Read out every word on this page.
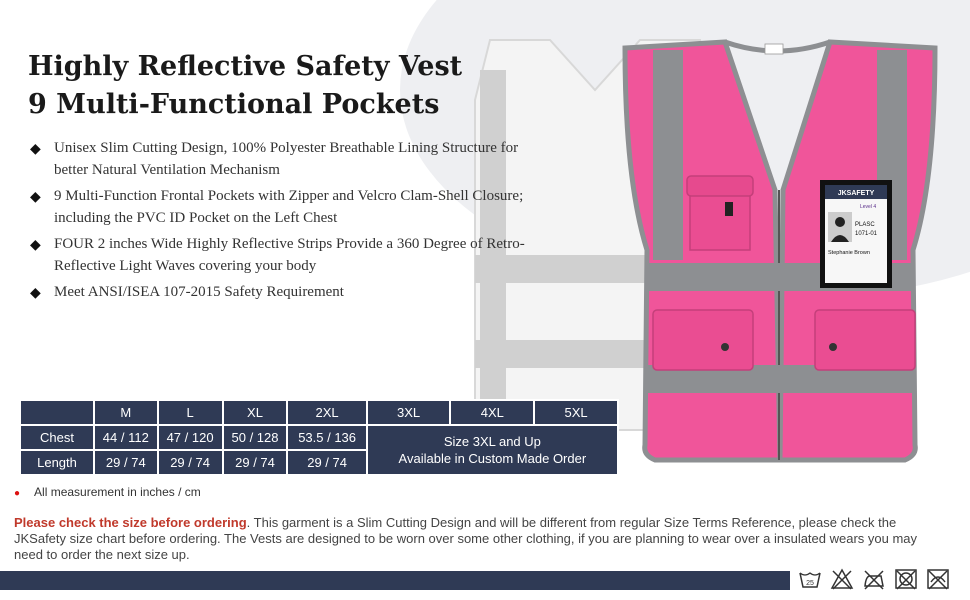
Highly Reflective Safety Vest
9 Multi-Functional Pockets
◆ Unisex Slim Cutting Design, 100% Polyester Breathable Lining Structure for better Natural Ventilation Mechanism
◆ 9 Multi-Function Frontal Pockets with Zipper and Velcro Clam-Shell Closure; including the PVC ID Pocket on the Left Chest
◆ FOUR 2 inches Wide Highly Reflective Strips Provide a 360 Degree of Retro-Reflective Light Waves covering your body
◆ Meet ANSI/ISEA 107-2015 Safety Requirement
	M	L	XL	2XL	3XL	4XL	5XL
Chest	44 / 112	47 / 120	50 / 128	53.5 / 136	Size 3XL and Up
Available in Custom Made Order		

Length	29 / 74	29 / 74	29 / 74	29 / 74			
● All measurement in inches / cm

Please check the size before ordering. This garment is a Slim Cutting Design and will be different from regular Size Terms Reference, please check the JKSafety size chart before ordering. The Vests are designed to be worn over some other clothing, if you are planning to wear over a insulated wears you may need to order the next size up.

25
JKSAFETY
Level 4
PLASC
1071-01
Stephanie Brown
